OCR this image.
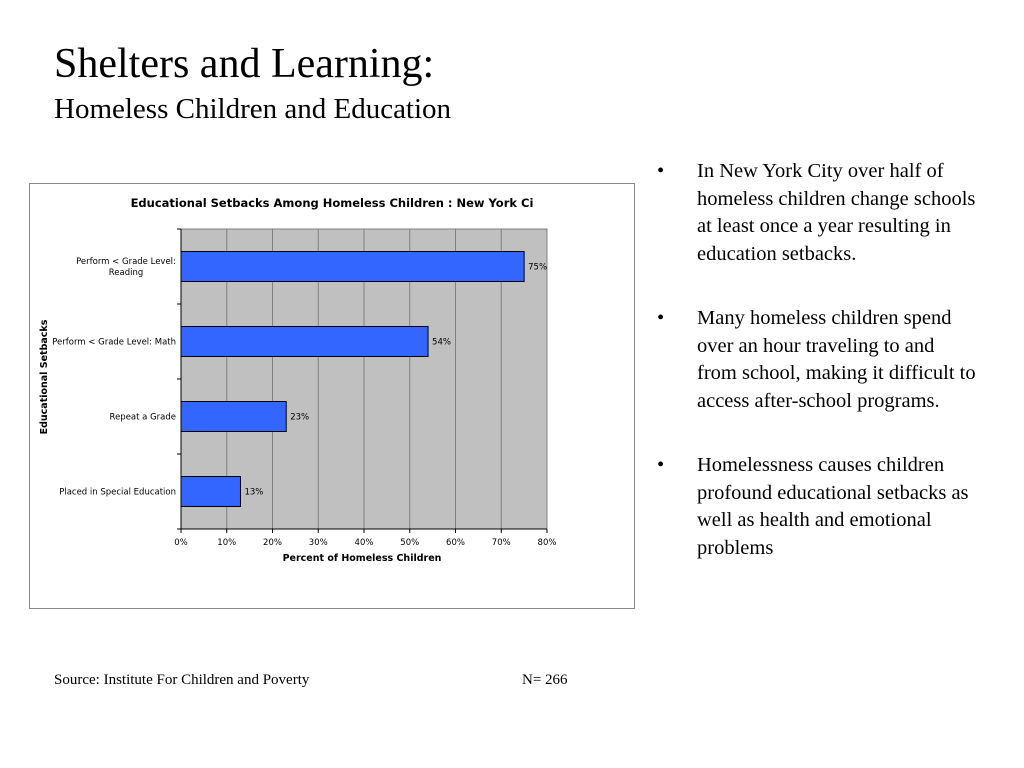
Shelters and Learning:
Homeless Children and Education
Educational Setbacks Among Homeless Children : New York Ci
0%	10%	20%	30%	40%	50%	60%	70%	80%
75%
Perform < Grade Level:
Reading
54%
Perform < Grade Level: Math
23%
Repeat a Grade
13%
Placed in Special Education
Educational Setbacks
Percent of Homeless Children
• In New York City over half of homeless children change schools at least once a year resulting in education setbacks.
• Many homeless children spend over an hour traveling to and from school, making it difficult to access after-school programs.
• Homelessness causes children profound educational setbacks as well as health and emotional problems
Source: Institute For Children and Poverty	N= 266
